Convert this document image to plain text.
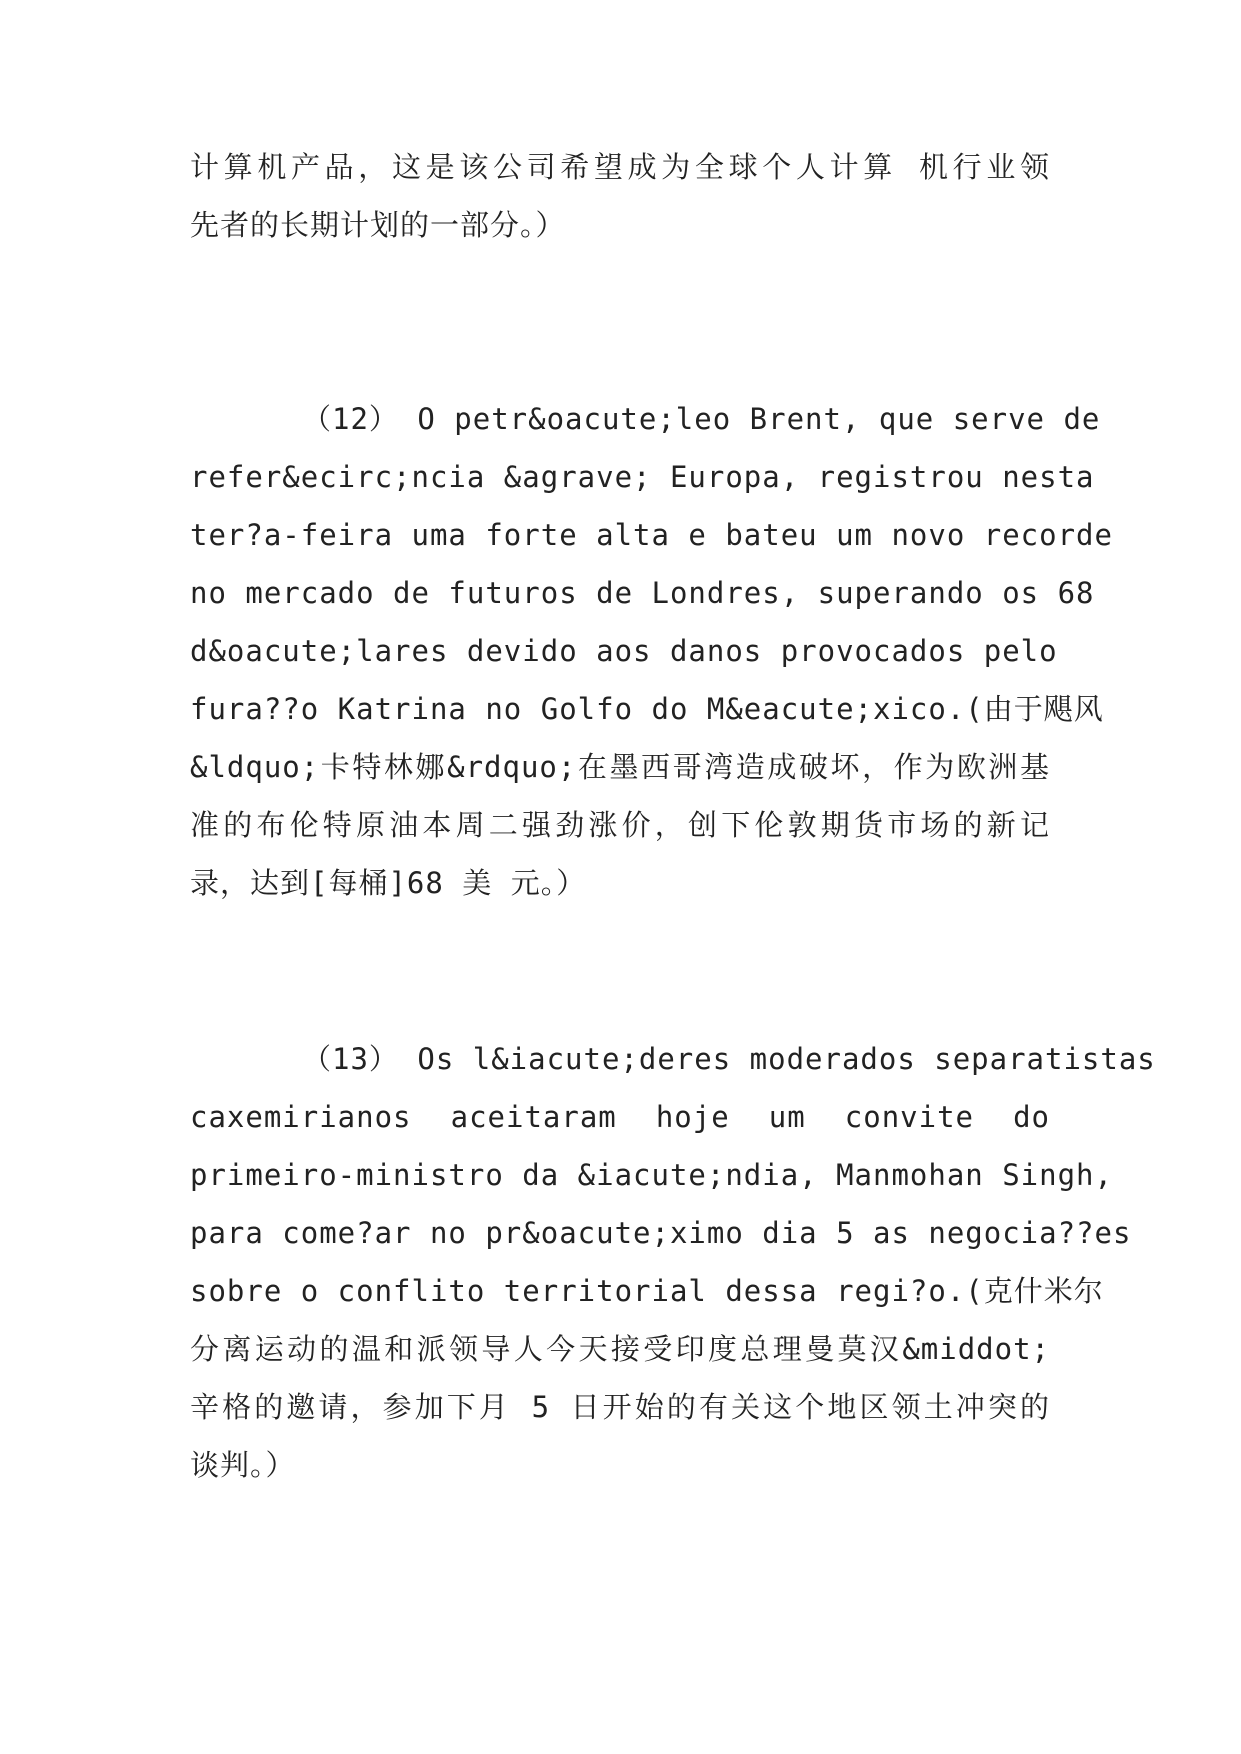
计算机产品，这是该公司希望成为全球个人计算 机行业领
先者的长期计划的一部分。）
（12） O petr&oacute;leo Brent, que serve de
refer&ecirc;ncia &agrave; Europa, registrou nesta
ter?a-feira uma forte alta e bateu um novo recorde
no mercado de futuros de Londres, superando os 68
d&oacute;lares devido aos danos provocados pelo
fura??o Katrina no Golfo do M&eacute;xico.(由于飓风
&ldquo;卡特林娜&rdquo;在墨西哥湾造成破坏，作为欧洲基
准的布伦特原油本周二强劲涨价，创下伦敦期货市场的新记
录，达到[每桶]68 美 元。）
（13） Os l&iacute;deres moderados separatistas
caxemirianos aceitaram hoje um convite do
primeiro-ministro da &iacute;ndia, Manmohan Singh,
para come?ar no pr&oacute;ximo dia 5 as negocia??es
sobre o conflito territorial dessa regi?o.(克什米尔
分离运动的温和派领导人今天接受印度总理曼莫汉&middot;
辛格的邀请，参加下月 5 日开始的有关这个地区领土冲突的
谈判。）
